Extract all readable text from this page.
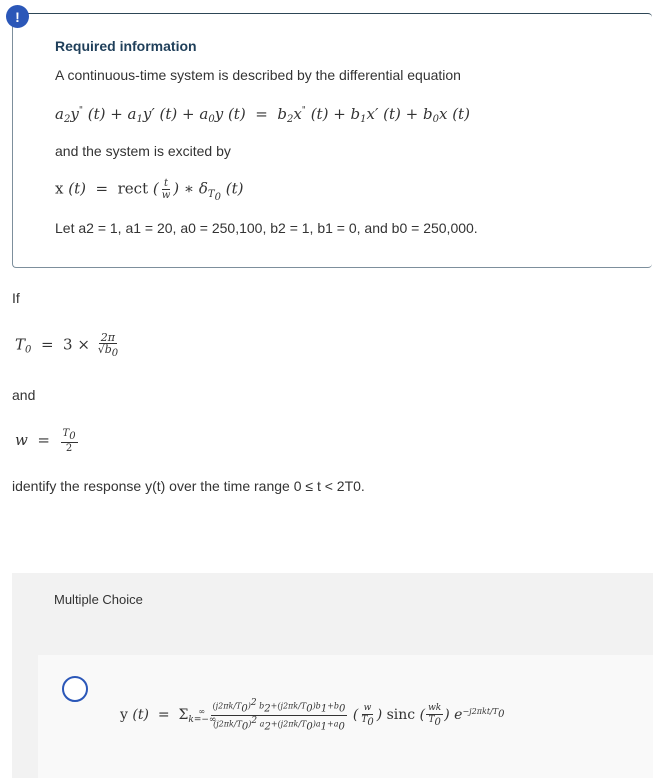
!
Required information
A continuous-time system is described by the differential equation
$a_2y^"$ $(t) + a_1y'$ $(t) + a_0y$ $(t) = b_2x^"$ $(t) + b_1x'$ $(t) + b_0x$ (t)
and the system is excited by
x (t)  =  rect ( $\frac{t}{w}$ ) ∗ $\delta_{T_0}$ (t)
Let a2 = 1, a1 = 20, a0 = 250,100, b2 = 1, b1 = 0, and b0 = 250,000.
If
$T_0 = 3 \times \frac{2\pi}{√b_0}$
and
$w = \frac{T_0}{2}$
identify the response y(t) over the time range 0 ≤ t < 2T0.
Multiple Choice
y $(t) = \Sigma_{k=-\infty}^\infty \frac{(j2\pi k/T_0)^2 b_2+(j2\pi k/T_0)b_1+b_0}{(j2\pi k/T_0)^2 a_2+(j2\pi k/T_0)a_1+a_0}$ ( $\frac{w}{T_0}$ ) sinc ( $\frac{wk}{T_0}$ ) $e^{-j2\pi kt/T_0}$
